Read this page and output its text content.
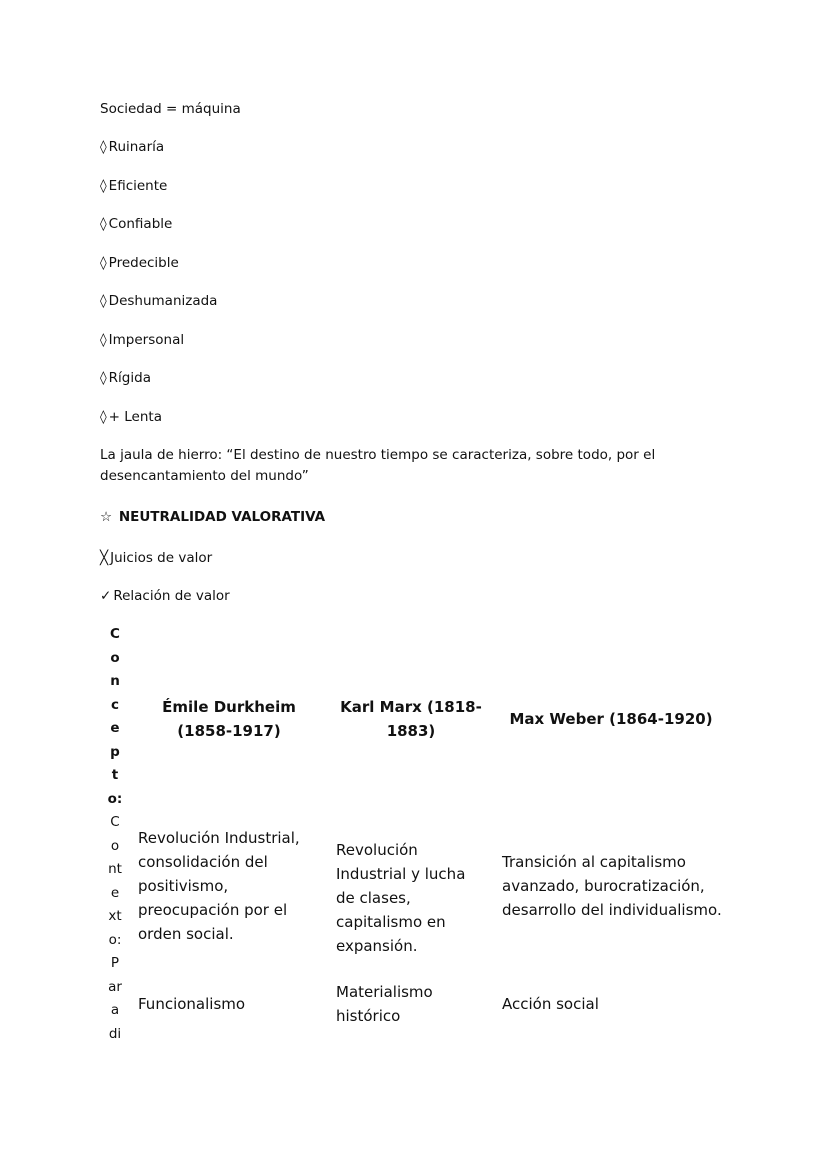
Sociedad = máquina
◊ Ruinaría
◊ Eficiente
◊ Confiable
◊ Predecible
◊ Deshumanizada
◊ Impersonal
◊ Rígida
◊ + Lenta
La jaula de hierro: “El destino de nuestro tiempo se caracteriza, sobre todo, por el desencantamiento del mundo”
☆ NEUTRALIDAD VALORATIVA
╳ Juicios de valor
✓ Relación de valor
C
o
n
c
e
p
t
o:
C
o
nt
e
xt
o:
P
ar
a
di
Émile Durkheim (1858-1917)
Karl Marx (1818-1883)
Max Weber (1864-1920)
Revolución Industrial, consolidación del positivismo, preocupación por el orden social.
Revolución Industrial y lucha de clases, capitalismo en expansión.
Transición al capitalismo avanzado, burocratización, desarrollo del individualismo.
Funcionalismo
Materialismo histórico
Acción social
